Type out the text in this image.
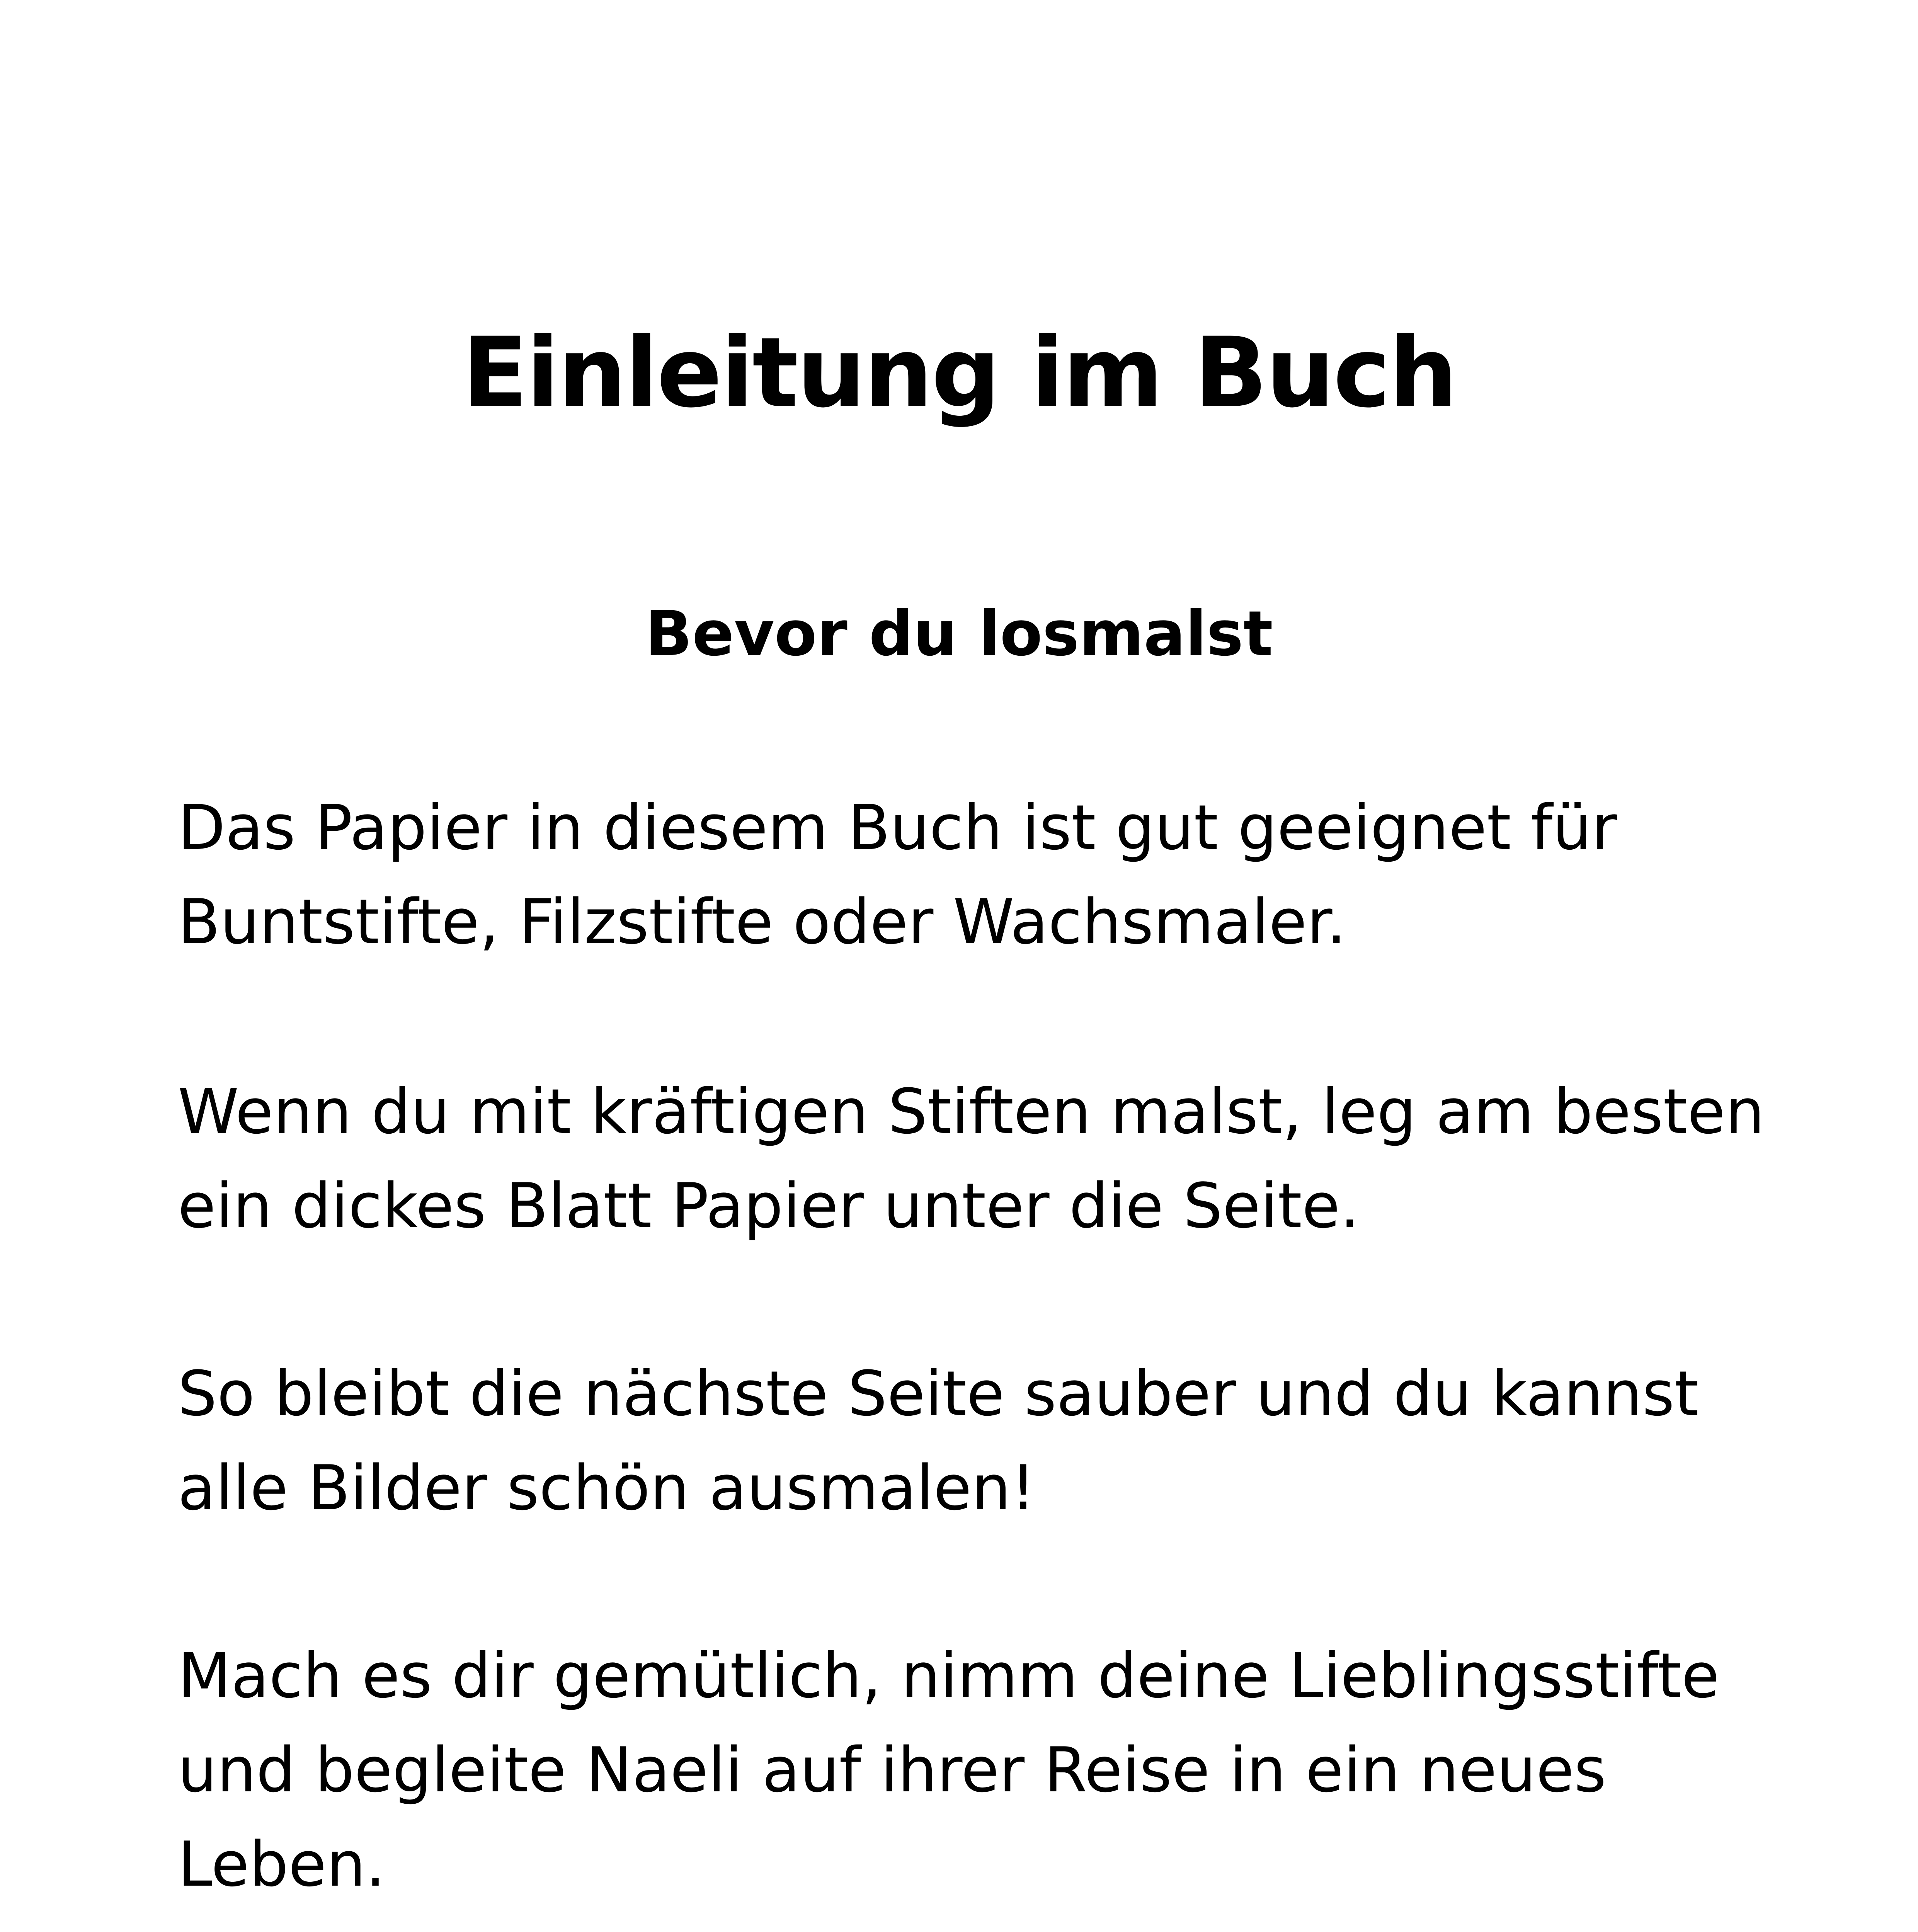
Einleitung im Buch
Bevor du losmalst

Das Papier in diesem Buch ist gut geeignet für
Buntstifte, Filzstifte oder Wachsmaler.

Wenn du mit kräftigen Stiften malst, leg am besten
ein dickes Blatt Papier unter die Seite.

So bleibt die nächste Seite sauber und du kannst
alle Bilder schön ausmalen!

Mach es dir gemütlich, nimm deine Lieblingsstifte
und begleite Naeli auf ihrer Reise in ein neues
Leben.
